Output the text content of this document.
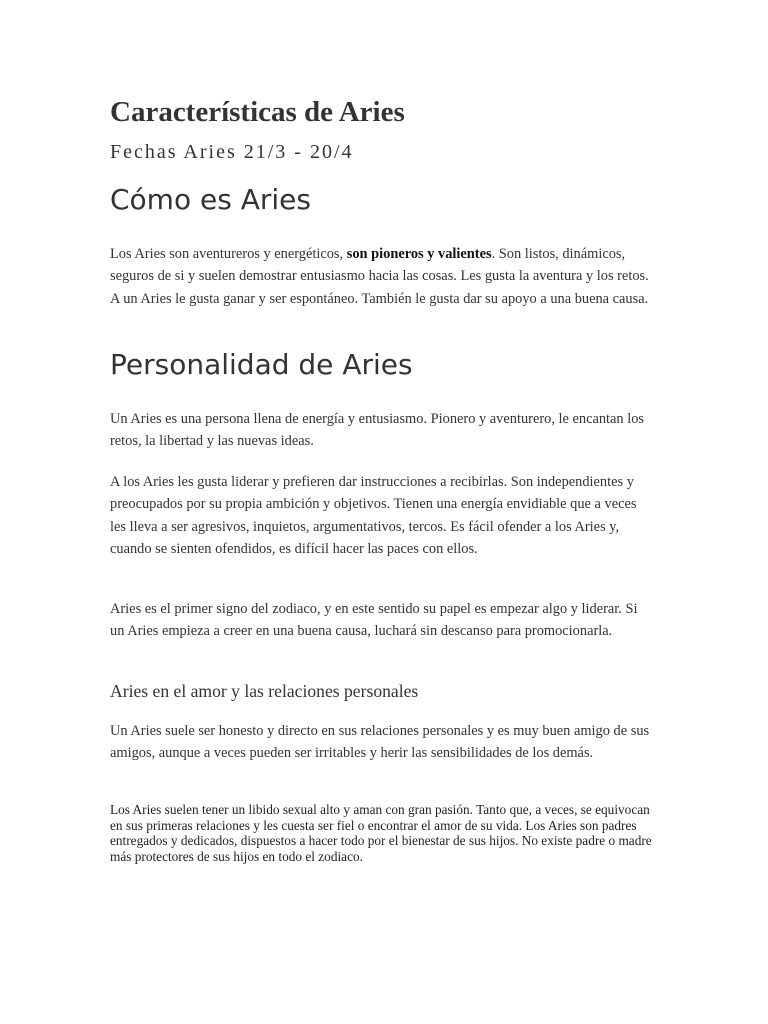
Características de Aries
Fechas Aries 21/3 - 20/4
Cómo es Aries

Los Aries son aventureros y energéticos, son pioneros y valientes. Son listos, dinámicos, seguros de si y suelen demostrar entusiasmo hacia las cosas. Les gusta la aventura y los retos. A un Aries le gusta ganar y ser espontáneo. También le gusta dar su apoyo a una buena causa.

Personalidad de Aries

Un Aries es una persona llena de energía y entusiasmo. Pionero y aventurero, le encantan los retos, la libertad y las nuevas ideas.

A los Aries les gusta liderar y prefieren dar instrucciones a recibirlas. Son independientes y preocupados por su propia ambición y objetivos. Tienen una energía envidiable que a veces les lleva a ser agresivos, inquietos, argumentativos, tercos. Es fácil ofender a los Aries y, cuando se sienten ofendidos, es difícil hacer las paces con ellos.

Aries es el primer signo del zodiaco, y en este sentido su papel es empezar algo y liderar. Si un Aries empieza a creer en una buena causa, luchará sin descanso para promocionarla.

Aries en el amor y las relaciones personales

Un Aries suele ser honesto y directo en sus relaciones personales y es muy buen amigo de sus amigos, aunque a veces pueden ser irritables y herir las sensibilidades de los demás.

Los Aries suelen tener un libido sexual alto y aman con gran pasión. Tanto que, a veces, se equivocan en sus primeras relaciones y les cuesta ser fiel o encontrar el amor de su vida. Los Aries son padres entregados y dedicados, dispuestos a hacer todo por el bienestar de sus hijos. No existe padre o madre más protectores de sus hijos en todo el zodiaco.
